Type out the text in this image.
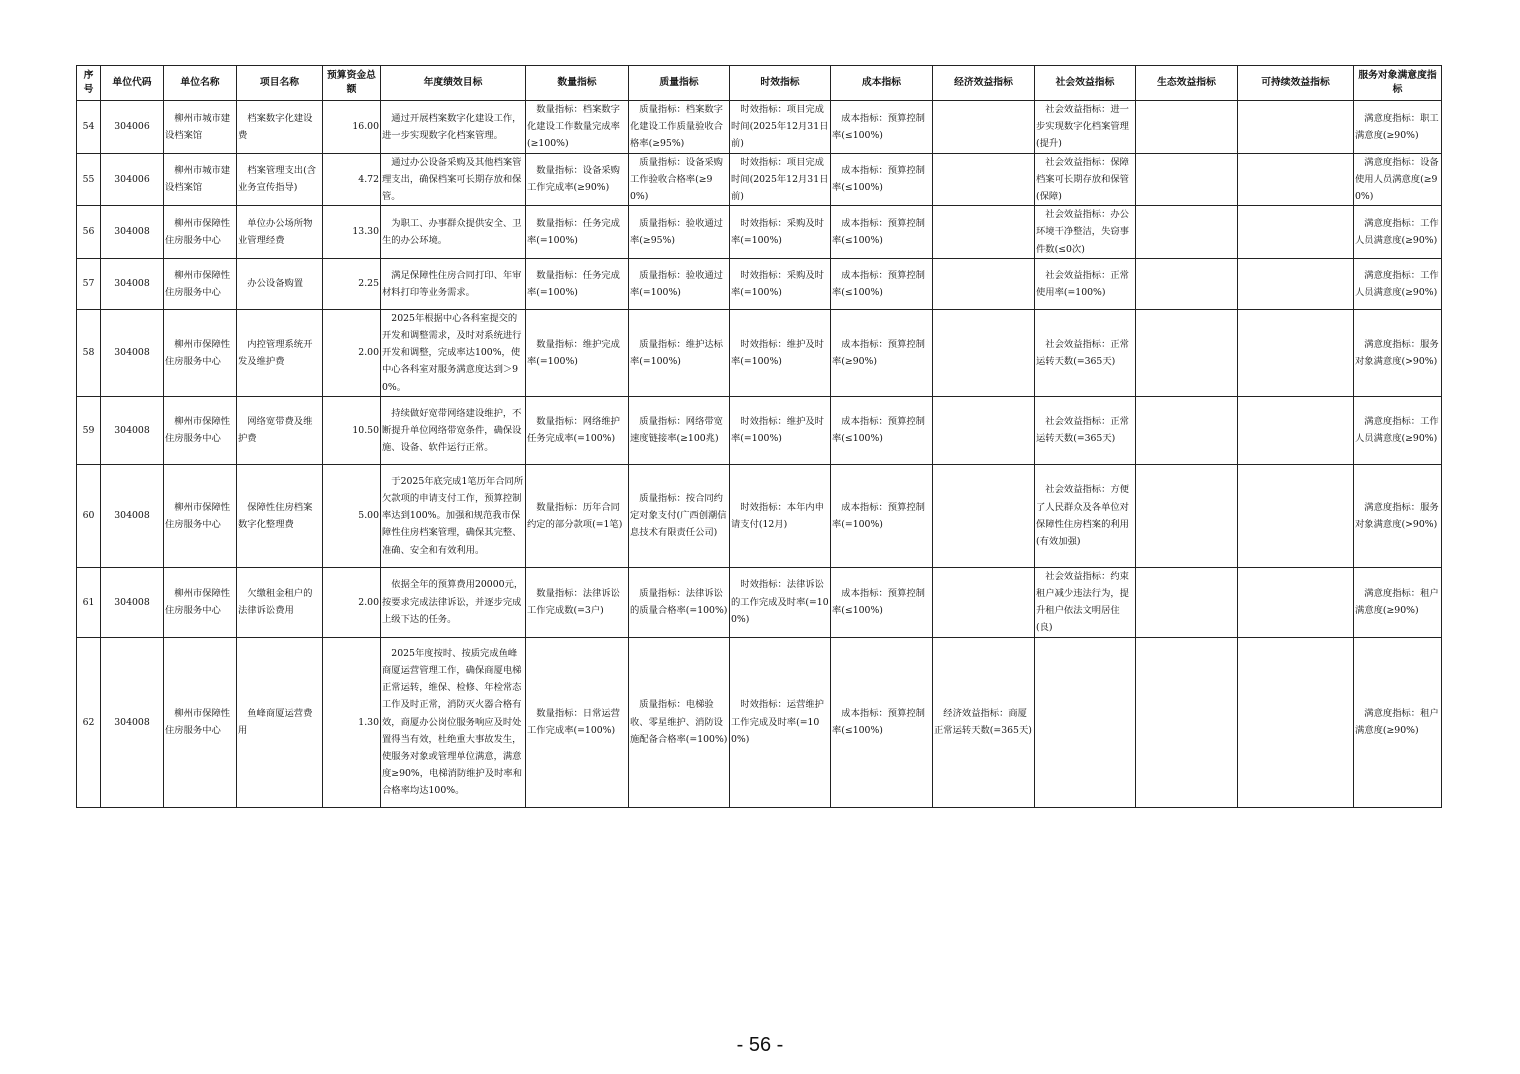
序号	单位代码	单位名称	项目名称	预算资金总额	年度绩效目标	数量指标	质量指标	时效指标	成本指标	经济效益指标	社会效益指标	生态效益指标	可持续效益指标	服务对象满意度指标
54	304006	柳州市城市建设档案馆	档案数字化建设费	16.00	通过开展档案数字化建设工作，进一步实现数字化档案管理。	数量指标：档案数字化建设工作数量完成率(≥100%)	质量指标：档案数字化建设工作质量验收合格率(≥95%)	时效指标：项目完成时间(2025年12月31日前)	成本指标：预算控制率(≤100%)		社会效益指标：进一步实现数字化档案管理(提升)			满意度指标：职工满意度(≥90%)
55	304006	柳州市城市建设档案馆	档案管理支出(含业务宣传指导)	4.72	通过办公设备采购及其他档案管理支出，确保档案可长期存放和保管。	数量指标：设备采购工作完成率(≥90%)	质量指标：设备采购工作验收合格率(≥90%)	时效指标：项目完成时间(2025年12月31日前)	成本指标：预算控制率(≤100%)		社会效益指标：保障档案可长期存放和保管(保障)			满意度指标：设备使用人员满意度(≥90%)
56	304008	柳州市保障性住房服务中心	单位办公场所物业管理经费	13.30	为职工、办事群众提供安全、卫生的办公环境。	数量指标：任务完成率(=100%)	质量指标：验收通过率(≥95%)	时效指标：采购及时率(=100%)	成本指标：预算控制率(≤100%)		社会效益指标：办公环境干净整洁，失窃事件数(≤0次)			满意度指标：工作人员满意度(≥90%)
57	304008	柳州市保障性住房服务中心	办公设备购置	2.25	满足保障性住房合同打印、年审材料打印等业务需求。	数量指标：任务完成率(=100%)	质量指标：验收通过率(=100%)	时效指标：采购及时率(=100%)	成本指标：预算控制率(≤100%)		社会效益指标：正常使用率(=100%)			满意度指标：工作人员满意度(≥90%)
58	304008	柳州市保障性住房服务中心	内控管理系统开发及维护费	2.00	2025年根据中心各科室提交的开发和调整需求，及时对系统进行开发和调整，完成率达100%，使中心各科室对服务满意度达到＞90%。	数量指标：维护完成率(=100%)	质量指标：维护达标率(=100%)	时效指标：维护及时率(=100%)	成本指标：预算控制率(≥90%)		社会效益指标：正常运转天数(=365天)			满意度指标：服务对象满意度(>90%)
59	304008	柳州市保障性住房服务中心	网络宽带费及维护费	10.50	持续做好宽带网络建设维护，不断提升单位网络带宽条件，确保设施、设备、软件运行正常。	数量指标：网络维护任务完成率(=100%)	质量指标：网络带宽速度链接率(≥100兆)	时效指标：维护及时率(=100%)	成本指标：预算控制率(≤100%)		社会效益指标：正常运转天数(=365天)			满意度指标：工作人员满意度(≥90%)
60	304008	柳州市保障性住房服务中心	保障性住房档案数字化整理费	5.00	于2025年底完成1笔历年合同所欠款项的申请支付工作，预算控制率达到100%。加强和规范我市保障性住房档案管理，确保其完整、准确、安全和有效利用。	数量指标：历年合同约定的部分款项(=1笔)	质量指标：按合同约定对象支付(广西创潮信息技术有限责任公司)	时效指标：本年内申请支付(12月)	成本指标：预算控制率(=100%)		社会效益指标：方便了人民群众及各单位对保障性住房档案的利用(有效加强)			满意度指标：服务对象满意度(>90%)
61	304008	柳州市保障性住房服务中心	欠缴租金租户的法律诉讼费用	2.00	依据全年的预算费用20000元，按要求完成法律诉讼，并逐步完成上级下达的任务。	数量指标：法律诉讼工作完成数(=3户)	质量指标：法律诉讼的质量合格率(=100%)	时效指标：法律诉讼的工作完成及时率(=100%)	成本指标：预算控制率(≤100%)		社会效益指标：约束租户减少违法行为，提升租户依法文明居住(良)			满意度指标：租户满意度(≥90%)
62	304008	柳州市保障性住房服务中心	鱼峰商厦运营费用	1.30	2025年度按时、按质完成鱼峰商厦运营管理工作，确保商厦电梯正常运转，维保、检修、年检常态工作及时正常，消防灭火器合格有效，商厦办公岗位服务响应及时处置得当有效，杜绝重大事故发生，使服务对象或管理单位满意，满意度≥90%，电梯消防维护及时率和合格率均达100%。	数量指标：日常运营工作完成率(=100%)	质量指标：电梯验收、零星维护、消防设施配备合格率(=100%)	时效指标：运营维护工作完成及时率(=100%)	成本指标：预算控制率(≤100%)	经济效益指标：商厦正常运转天数(=365天)				满意度指标：租户满意度(≥90%)
- 56 -
